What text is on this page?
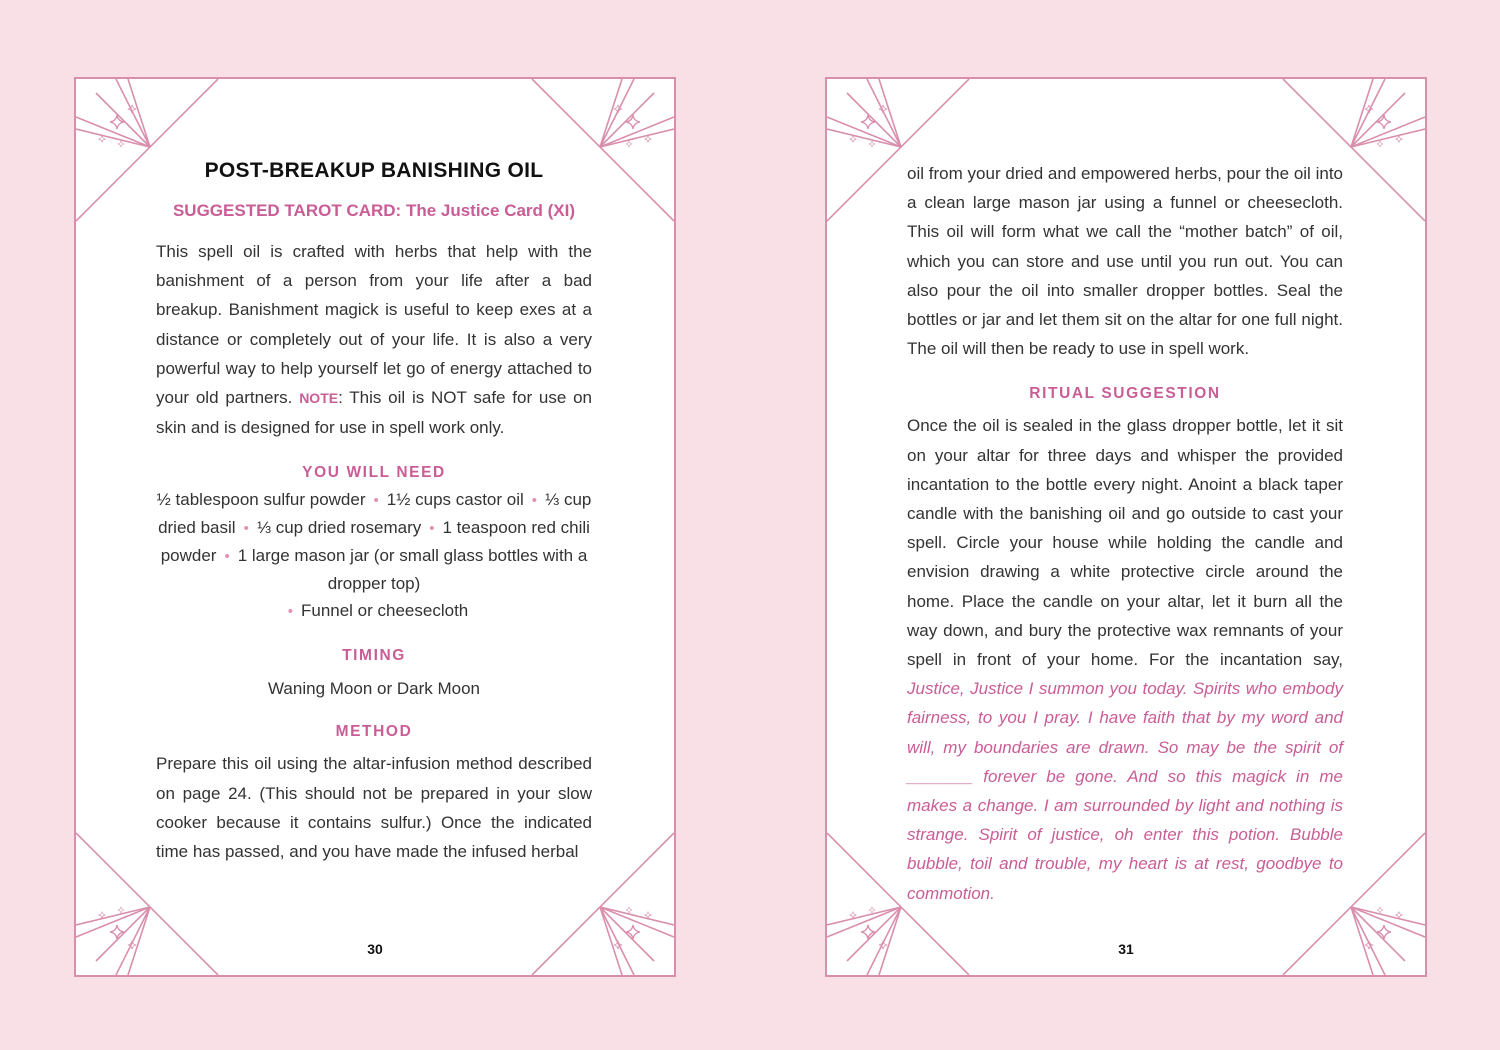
POST-BREAKUP BANISHING OIL

SUGGESTED TAROT CARD: The Justice Card (XI)

This spell oil is crafted with herbs that help with the banishment of a person from your life after a bad breakup. Banishment magick is useful to keep exes at a distance or completely out of your life. It is also a very powerful way to help yourself let go of energy attached to your old partners. NOTE: This oil is NOT safe for use on skin and is designed for use in spell work only.

YOU WILL NEED

½ tablespoon sulfur powder • 1½ cups castor oil • ⅓ cup dried basil • ⅓ cup dried rosemary • 1 teaspoon red chili powder • 1 large mason jar (or small glass bottles with a dropper top)
• Funnel or cheesecloth

TIMING

Waning Moon or Dark Moon

METHOD

Prepare this oil using the altar-infusion method described on page 24. (This should not be prepared in your slow cooker because it contains sulfur.) Once the indicated time has passed, and you have made the infused herbal

30

oil from your dried and empowered herbs, pour the oil into a clean large mason jar using a funnel or cheesecloth. This oil will form what we call the “mother batch” of oil, which you can store and use until you run out. You can also pour the oil into smaller dropper bottles. Seal the bottles or jar and let them sit on the altar for one full night. The oil will then be ready to use in spell work.

RITUAL SUGGESTION

Once the oil is sealed in the glass dropper bottle, let it sit on your altar for three days and whisper the provided incantation to the bottle every night. Anoint a black taper candle with the banishing oil and go outside to cast your spell. Circle your house while holding the candle and envision drawing a white protective circle around the home. Place the candle on your altar, let it burn all the way down, and bury the protective wax remnants of your spell in front of your home. For the incantation say, Justice, Justice I summon you today. Spirits who embody fairness, to you I pray. I have faith that by my word and will, my boundaries are drawn. So may be the spirit of _______ forever be gone. And so this magick in me makes a change. I am surrounded by light and nothing is strange. Spirit of justice, oh enter this potion. Bubble bubble, toil and trouble, my heart is at rest, goodbye to commotion.

31
